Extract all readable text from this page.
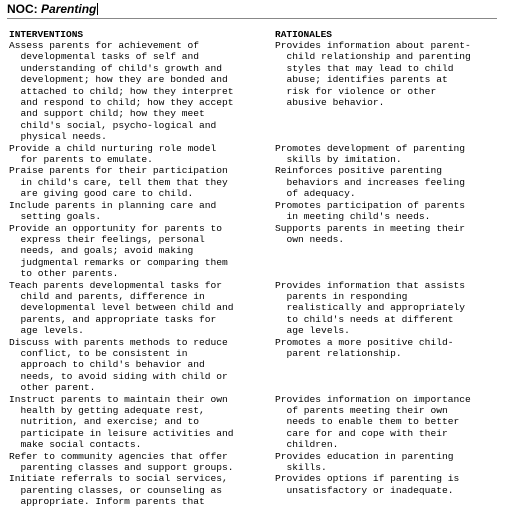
NOC: Parenting
INTERVENTIONS	RATIONALES
Assess parents for achievement of
developmental tasks of self and
understanding of child's growth and
development; how they are bonded and
attached to child; how they interpret
and respond to child; how they accept
and support child; how they meet
child's social, psycho-logical and
physical needs.
Provides information about parent-
child relationship and parenting
styles that may lead to child
abuse; identifies parents at
risk for violence or other
abusive behavior.
Provide a child nurturing role model
for parents to emulate.
Promotes development of parenting
skills by imitation.
Praise parents for their participation
in child's care, tell them that they
are giving good care to child.
Reinforces positive parenting
behaviors and increases feeling
of adequacy.
Include parents in planning care and
setting goals.
Promotes participation of parents
in meeting child's needs.
Provide an opportunity for parents to
express their feelings, personal
needs, and goals; avoid making
judgmental remarks or comparing them
to other parents.
Supports parents in meeting their
own needs.
Teach parents developmental tasks for
child and parents, difference in
developmental level between child and
parents, and appropriate tasks for
age levels.
Provides information that assists
parents in responding
realistically and appropriately
to child's needs at different
age levels.
Discuss with parents methods to reduce
conflict, to be consistent in
approach to child's behavior and
needs, to avoid siding with child or
other parent.
Promotes a more positive child-
parent relationship.
Instruct parents to maintain their own
health by getting adequate rest,
nutrition, and exercise; and to
participate in leisure activities and
make social contacts.
Provides information on importance
of parents meeting their own
needs to enable them to better
care for and cope with their
children.
Refer to community agencies that offer
parenting classes and support groups.
Provides education in parenting
skills.
Initiate referrals to social services,
parenting classes, or counseling as
appropriate. Inform parents that
Provides options if parenting is
unsatisfactory or inadequate.
